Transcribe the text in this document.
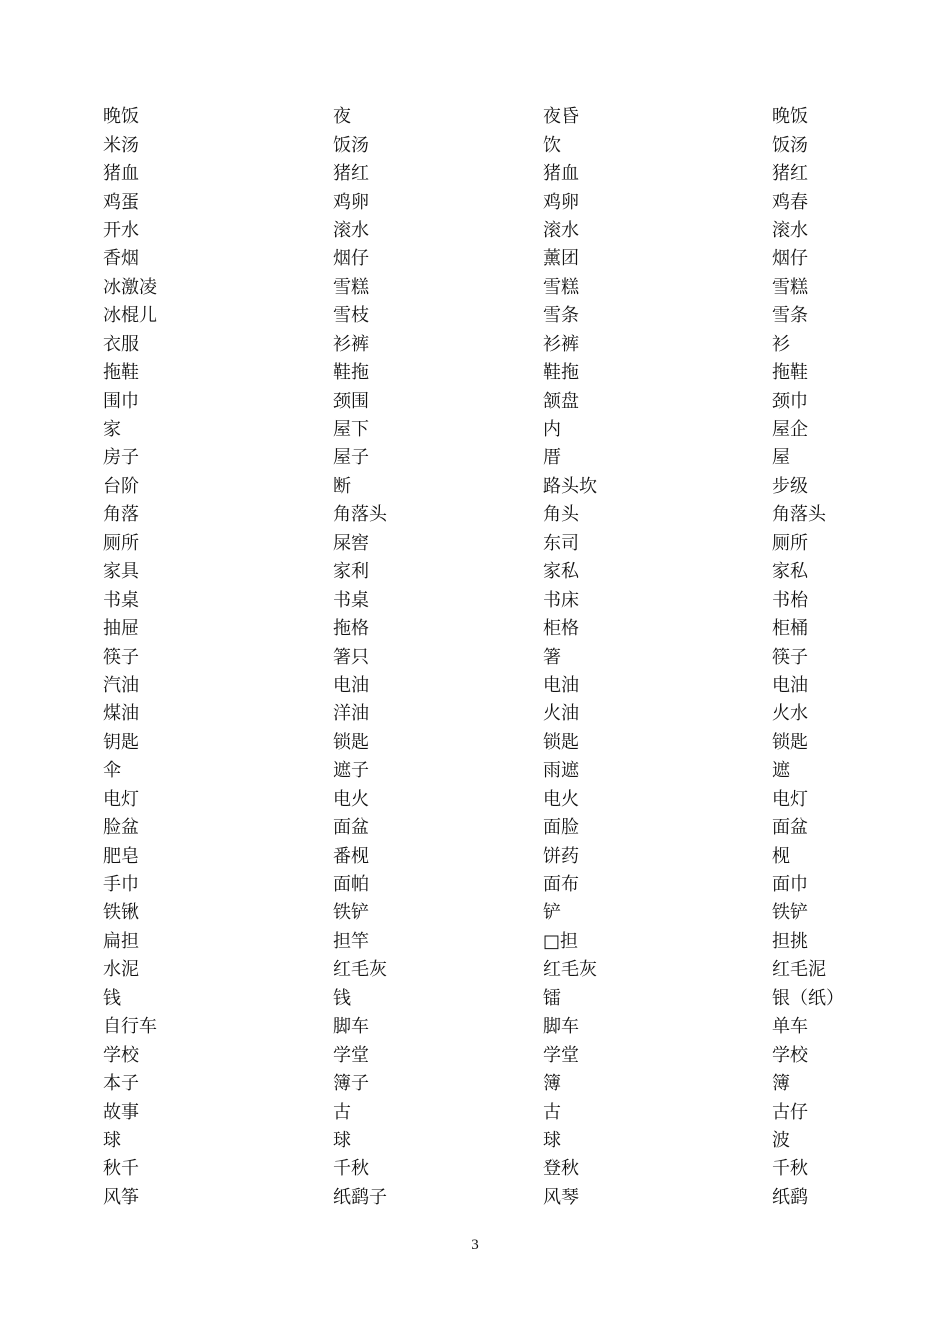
晚饭	夜	夜昏	晚饭
米汤	饭汤	饮	饭汤
猪血	猪红	猪血	猪红
鸡蛋	鸡卵	鸡卵	鸡春
开水	滚水	滚水	滚水
香烟	烟仔	薰团	烟仔
冰激凌	雪糕	雪糕	雪糕
冰棍儿	雪枝	雪条	雪条
衣服	衫裤	衫裤	衫
拖鞋	鞋拖	鞋拖	拖鞋
围巾	颈围	颔盘	颈巾
家	屋下	内	屋企
房子	屋子	厝	屋
台阶	断	路头坎	步级
角落	角落头	角头	角落头
厕所	屎窖	东司	厕所
家具	家利	家私	家私
书桌	书桌	书床	书枱
抽屉	拖格	柜格	柜桶
筷子	箸只	箸	筷子
汽油	电油	电油	电油
煤油	洋油	火油	火水
钥匙	锁匙	锁匙	锁匙
伞	遮子	雨遮	遮
电灯	电火	电火	电灯
脸盆	面盆	面脸	面盆
肥皂	番枧	饼药	枧
手巾	面帕	面布	面巾
铁锹	铁铲	铲	铁铲
扁担	担竿	□担	担挑
水泥	红毛灰	红毛灰	红毛泥
钱	钱	镭	银（纸）
自行车	脚车	脚车	单车
学校	学堂	学堂	学校
本子	簿子	簿	簿
故事	古	古	古仔
球	球	球	波
秋千	千秋	登秋	千秋
风筝	纸鹞子	风琴	纸鹞
3
